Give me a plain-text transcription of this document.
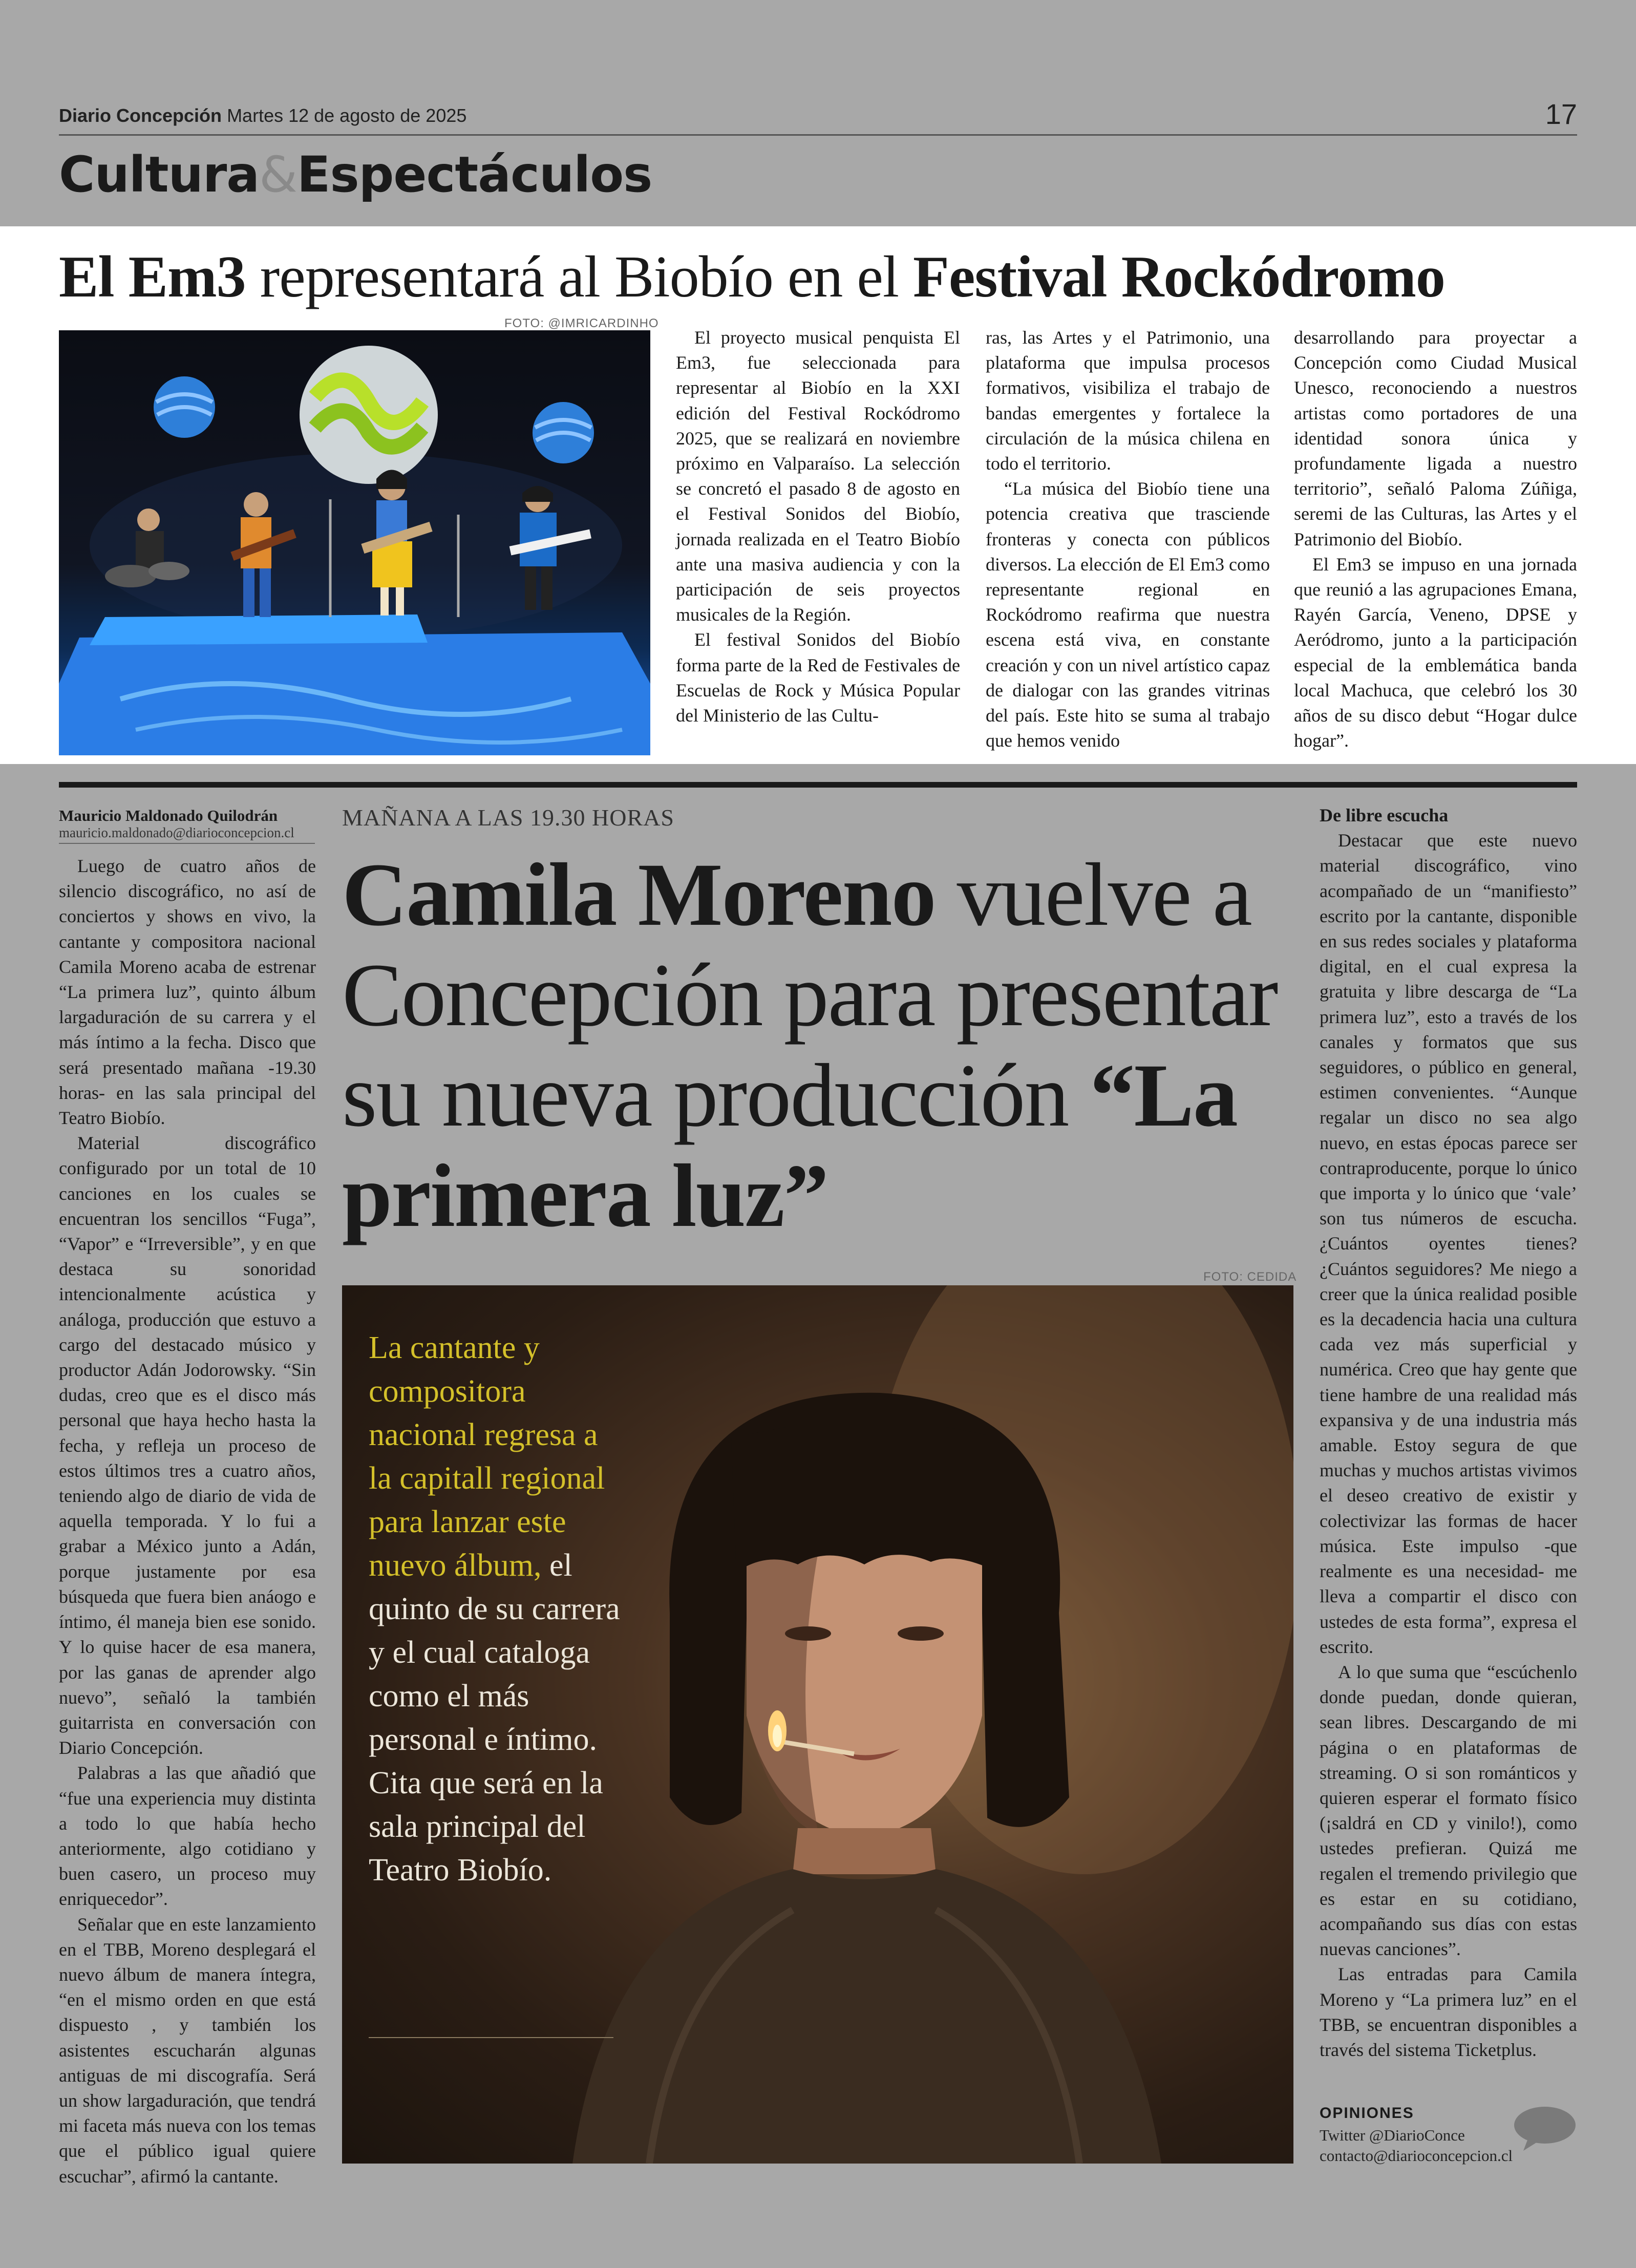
Diario Concepción Martes 12 de agosto de 2025	17
Cultura&Espectáculos
El Em3 representará al Biobío en el Festival Rockódromo
FOTO: @IMRICARDINHO

El proyecto musical penquista El Em3, fue seleccionada para representar al Biobío en la XXI edición del Festival Rockódromo 2025, que se realizará en noviembre próximo en Valparaíso. La selección se concretó el pasado 8 de agosto en el Festival Sonidos del Biobío, jornada realizada en el Teatro Biobío ante una masiva audiencia y con la participación de seis proyectos musicales de la Región.

El festival Sonidos del Biobío forma parte de la Red de Festivales de Escuelas de Rock y Música Popular del Ministerio de las Cultu-

ras, las Artes y el Patrimonio, una plataforma que impulsa procesos formativos, visibiliza el trabajo de bandas emergentes y fortalece la circulación de la música chilena en todo el territorio.

“La música del Biobío tiene una potencia creativa que trasciende fronteras y conecta con públicos diversos. La elección de El Em3 como representante regional en Rockódromo reafirma que nuestra escena está viva, en constante creación y con un nivel artístico capaz de dialogar con las grandes vitrinas del país. Este hito se suma al trabajo que hemos venido

desarrollando para proyectar a Concepción como Ciudad Musical Unesco, reconociendo a nuestros artistas como portadores de una identidad sonora única y profundamente ligada a nuestro territorio”, señaló Paloma Zúñiga, seremi de las Culturas, las Artes y el Patrimonio del Biobío.

El Em3 se impuso en una jornada que reunió a las agrupaciones Emana, Rayén García, Veneno, DPSE y Aeródromo, junto a la participación especial de la emblemática banda local Machuca, que celebró los 30 años de su disco debut “Hogar dulce hogar”.

Mauricio Maldonado Quilodrán
mauricio.maldonado@diarioconcepcion.cl
MAÑANA A LAS 19.30 HORAS
Camila Moreno vuelve a Concepción para presentar su nueva producción “La primera luz”

Luego de cuatro años de silencio discográfico, no así de conciertos y shows en vivo, la cantante y compositora nacional Camila Moreno acaba de estrenar “La primera luz”, quinto álbum largaduración de su carrera y el más íntimo a la fecha. Disco que será presentado mañana -19.30 horas- en las sala principal del Teatro Biobío.

Material discográfico configurado por un total de 10 canciones en los cuales se encuentran los sencillos “Fuga”, “Vapor” e “Irreversible”, y en que destaca su sonoridad intencionalmente acústica y análoga, producción que estuvo a cargo del destacado músico y productor Adán Jodorowsky. “Sin dudas, creo que es el disco más personal que haya hecho hasta la fecha, y refleja un proceso de estos últimos tres a cuatro años, teniendo algo de diario de vida de aquella temporada. Y lo fui a grabar a México junto a Adán, porque justamente por esa búsqueda que fuera bien anáogo e íntimo, él maneja bien ese sonido. Y lo quise hacer de esa manera, por las ganas de aprender algo nuevo”, señaló la también guitarrista en conversación con Diario Concepción.

Palabras a las que añadió que “fue una experiencia muy distinta a todo lo que había hecho anteriormente, algo cotidiano y buen casero, un proceso muy enriquecedor”.

Señalar que en este lanzamiento en el TBB, Moreno desplegará el nuevo álbum de manera íntegra, “en el mismo orden en que está dispuesto , y también los asistentes escucharán algunas antiguas de mi discografía. Será un show largaduración, que tendrá mi faceta más nueva con los temas que el público igual quiere escuchar”, afirmó la cantante.

FOTO: CEDIDA
La cantante y compositora nacional regresa a la capitall regional para lanzar este nuevo álbum, el quinto de su carrera y el cual cataloga como el más personal e íntimo. Cita que será en la sala principal del Teatro Biobío.
De libre escucha

Destacar que este nuevo material discográfico, vino acompañado de un “manifiesto” escrito por la cantante, disponible en sus redes sociales y plataforma digital, en el cual expresa la gratuita y libre descarga de “La primera luz”, esto a través de los canales y formatos que sus seguidores, o público en general, estimen convenientes. “Aunque regalar un disco no sea algo nuevo, en estas épocas parece ser contraproducente, porque lo único que importa y lo único que ‘vale’ son tus números de escucha. ¿Cuántos oyentes tienes? ¿Cuántos seguidores? Me niego a creer que la única realidad posible es la decadencia hacia una cultura cada vez más superficial y numérica. Creo que hay gente que tiene hambre de una realidad más expansiva y de una industria más amable. Estoy segura de que muchas y muchos artistas vivimos el deseo creativo de existir y colectivizar las formas de hacer música. Este impulso -que realmente es una necesidad- me lleva a compartir el disco con ustedes de esta forma”, expresa el escrito.

A lo que suma que “escúchenlo donde puedan, donde quieran, sean libres. Descargando de mi página o en plataformas de streaming. O si son románticos y quieren esperar el formato físico (¡saldrá en CD y vinilo!), como ustedes prefieran. Quizá me regalen el tremendo privilegio que es estar en su cotidiano, acompañando sus días con estas nuevas canciones”.

Las entradas para Camila Moreno y “La primera luz” en el TBB, se encuentran disponibles a través del sistema Ticketplus.

OPINIONES
Twitter @DiarioConce
contacto@diarioconcepcion.cl
